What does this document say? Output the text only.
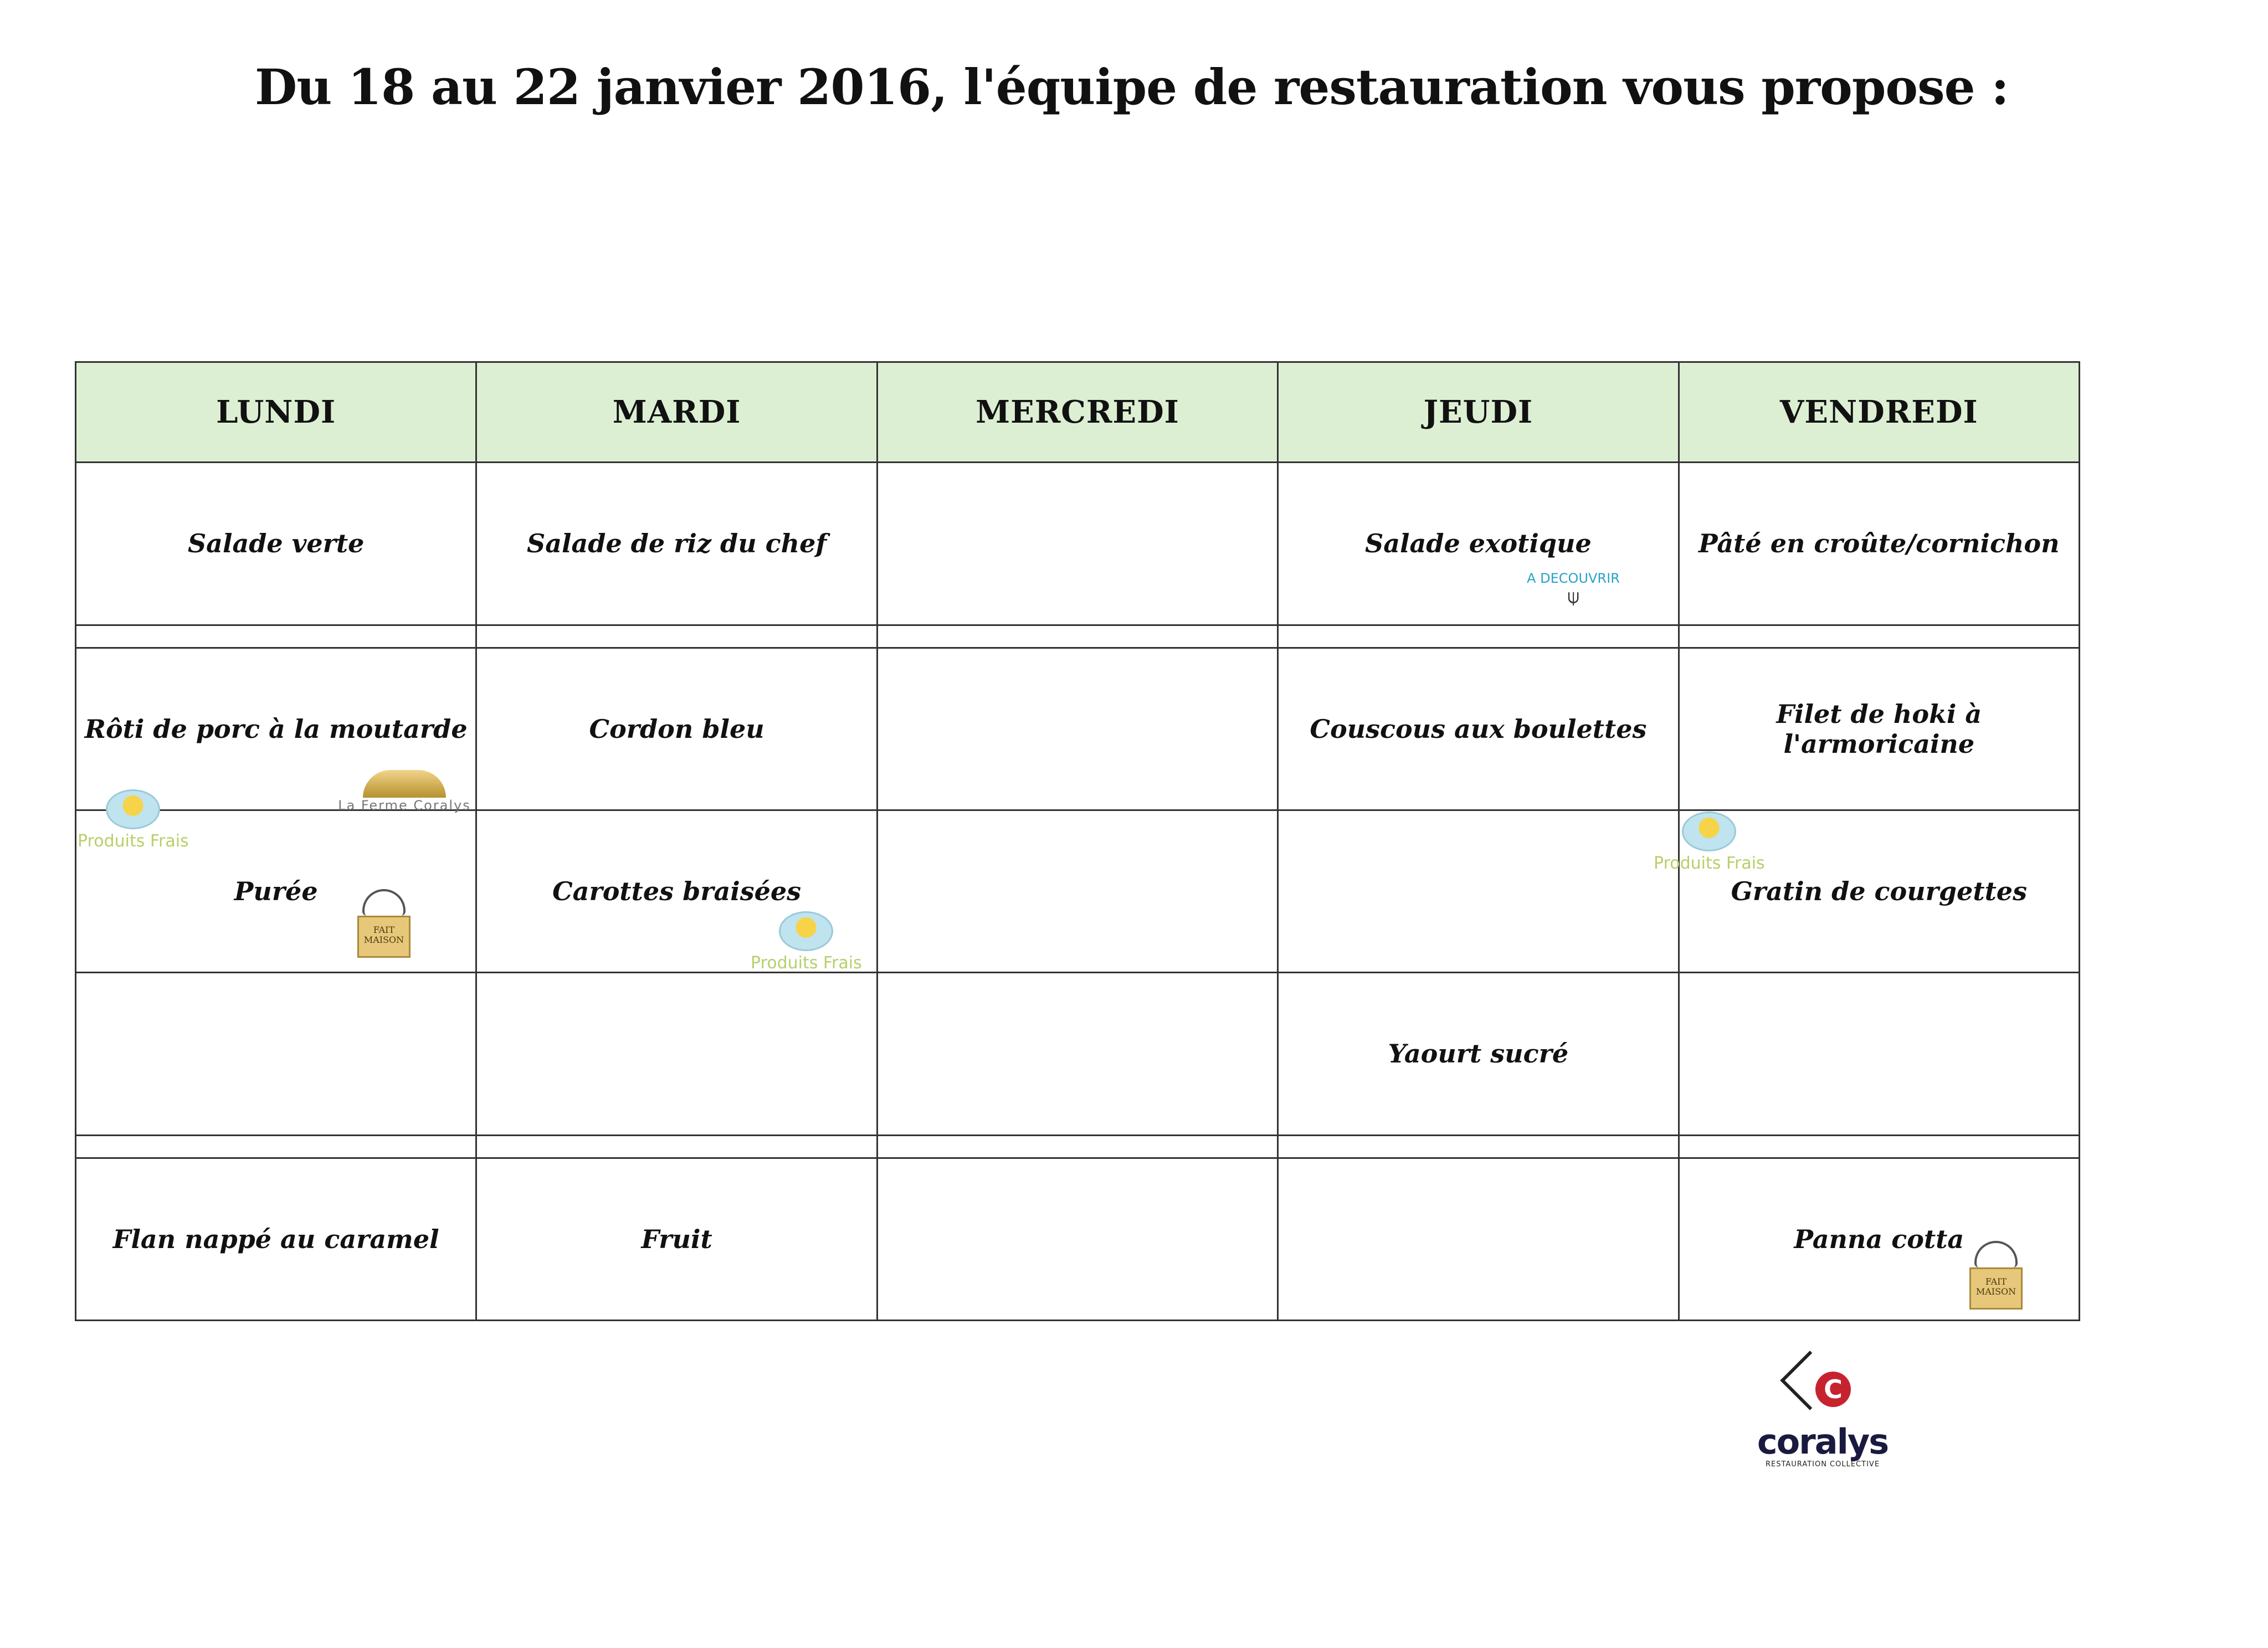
Du 18 au 22 janvier 2016, l'équipe de restauration vous propose :
LUNDI	MARDI	MERCREDI	JEUDI	VENDREDI
Salade verte	Salade de riz du chef		Salade exotique	Pâté en croûte/cornichon

Rôti de porc à la moutarde	Cordon bleu		Couscous aux boulettes	Filet de hoki à l'armoricaine
Purée	Carottes braisées			Gratin de courgettes
			Yaourt sucré	

Flan nappé au caramel	Fruit			Panna cotta
A DECOUVRIR
⍦
Produits Frais
La Ferme Coralys
FAIT MAISON
Produits Frais
Produits Frais
FAIT MAISON
C
coralys
RESTAURATION COLLECTIVE
